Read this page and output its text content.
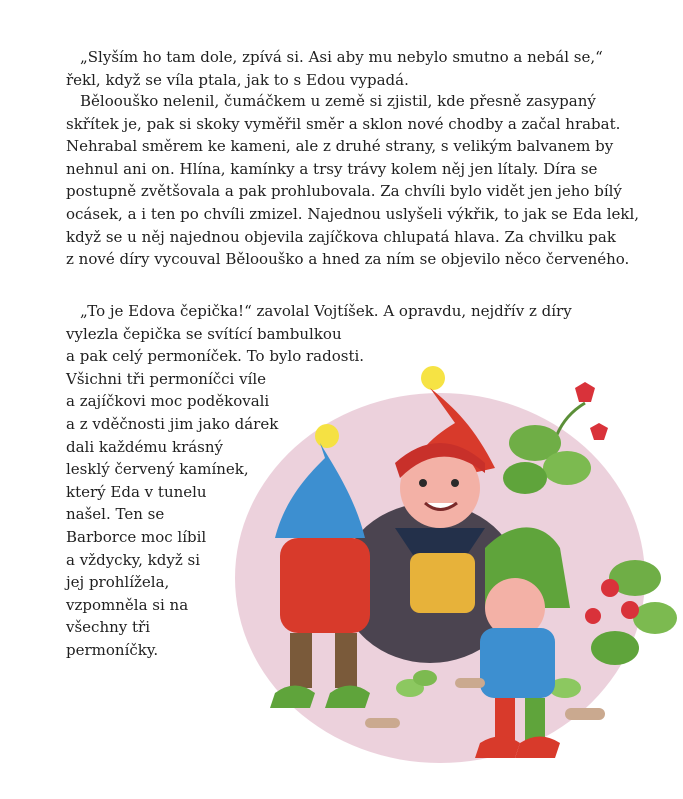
„Slyším ho tam dole, zpívá si. Asi aby mu nebylo smutno a nebál se,“
řekl, když se víla ptala, jak to s Edou vypadá.

Běloouško nelenil, čumáčkem u země si zjistil, kde přesně zasypaný
skřítek je, pak si skoky vyměřil směr a sklon nové chodby a začal hrabat.
Nehrabal směrem ke kameni, ale z druhé strany, s velikým balvanem by
nehnul ani on. Hlína, kamínky a trsy trávy kolem něj jen lítaly. Díra se
postupně zvětšovala a pak prohlubovala. Za chvíli bylo vidět jen jeho bílý
ocásek, a i ten po chvíli zmizel. Najednou uslyšeli výkřik, to jak se Eda lekl,
když se u něj najednou objevila zajíčkova chlupatá hlava. Za chvilku pak
z nové díry vycouval Běloouško a hned za ním se objevilo něco červeného.

„To je Edova čepička!“ zavolal Vojtíšek. A opravdu, nejdřív z díry
vylezla čepička se svítící bambulkou
a pak celý permoníček. To bylo radosti.
Všichni tři permoníčci víle
a zajíčkovi moc poděkovali
a z vděčnosti jim jako dárek
dali každému krásný
lesklý červený kamínek,
který Eda v tunelu
našel. Ten se
Barborce moc líbil
a vždycky, když si
jej prohlížela,
vzpomněla si na
všechny tři
permoníčky.
